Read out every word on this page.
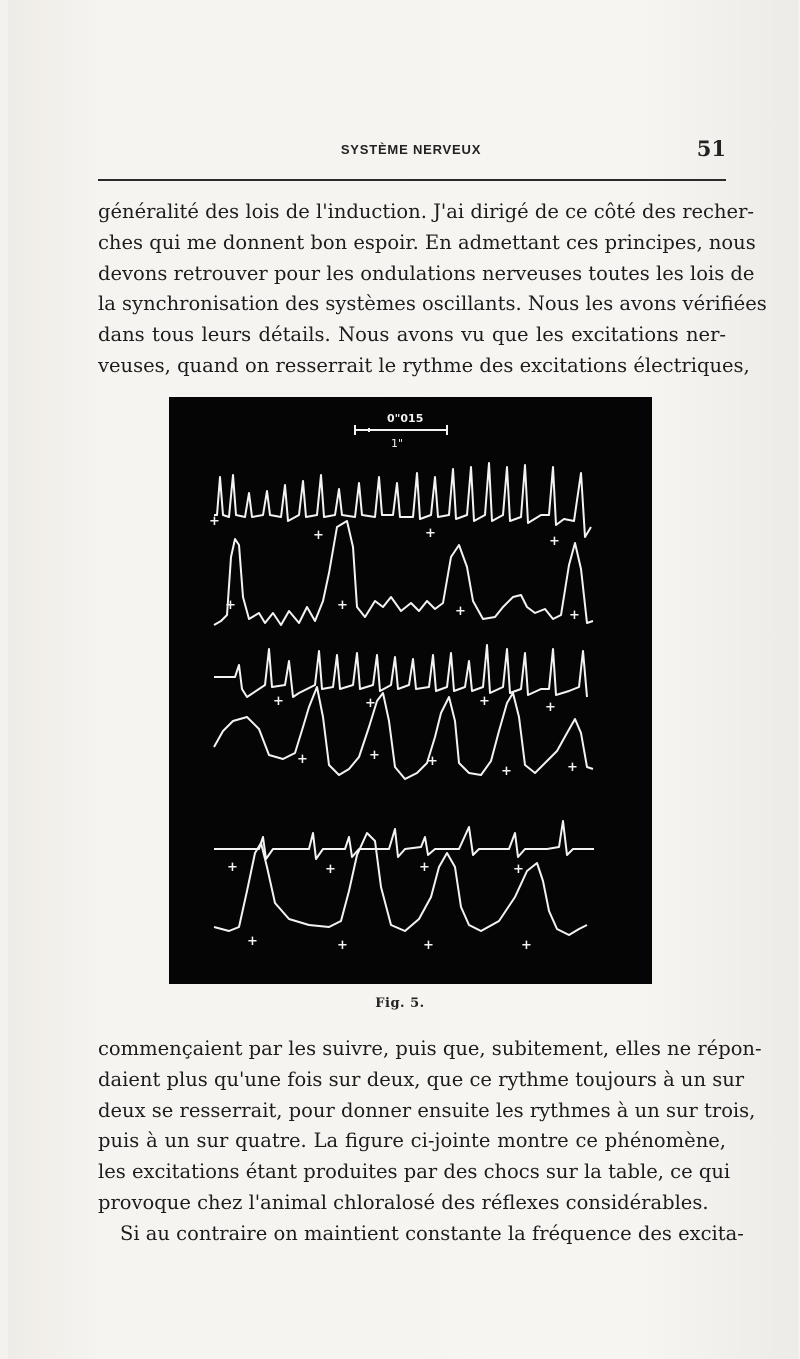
SYSTÈME NERVEUX	51
généralité des lois de l'induction. J'ai dirigé de ce côté des recher-
ches qui me donnent bon espoir. En admettant ces principes, nous
devons retrouver pour les ondulations nerveuses toutes les lois de
la synchronisation des systèmes oscillants. Nous les avons vérifiées
dans tous leurs détails. Nous avons vu que les excitations ner-
veuses, quand on resserrait le rythme des excitations électriques,
0"015
1"
+
+	+
+
+	+	+	+
+	+	+	+
+	+	+
+	+
+	+	+	+
+	+	+	+
Fig. 5.
commençaient par les suivre, puis que, subitement, elles ne répon-
daient plus qu'une fois sur deux, que ce rythme toujours à un sur
deux se resserrait, pour donner ensuite les rythmes à un sur trois,
puis à un sur quatre. La figure ci-jointe montre ce phénomène,
les excitations étant produites par des chocs sur la table, ce qui
provoque chez l'animal chloralosé des réflexes considérables.
Si au contraire on maintient constante la fréquence des excita-
